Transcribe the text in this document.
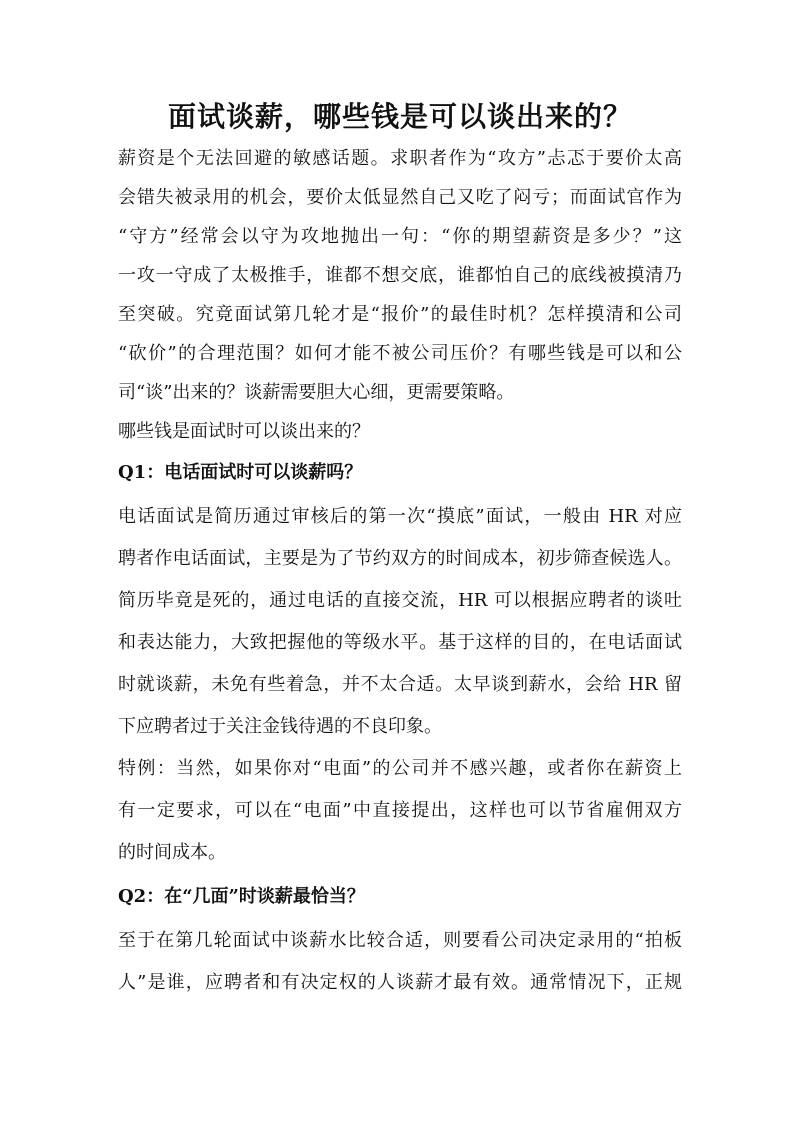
面试谈薪，哪些钱是可以谈出来的？

薪资是个无法回避的敏感话题。求职者作为“攻方”忐忑于要价太高

会错失被录用的机会，要价太低显然自己又吃了闷亏；而面试官作为

“守方”经常会以守为攻地抛出一句：“你的期望薪资是多少？”这

一攻一守成了太极推手，谁都不想交底，谁都怕自己的底线被摸清乃

至突破。究竟面试第几轮才是“报价”的最佳时机？怎样摸清和公司

“砍价”的合理范围？如何才能不被公司压价？有哪些钱是可以和公

司“谈”出来的？谈薪需要胆大心细，更需要策略。

哪些钱是面试时可以谈出来的？

Q1：电话面试时可以谈薪吗？

电话面试是简历通过审核后的第一次“摸底”面试，一般由 HR 对应

聘者作电话面试，主要是为了节约双方的时间成本，初步筛查候选人。

简历毕竟是死的，通过电话的直接交流，HR 可以根据应聘者的谈吐

和表达能力，大致把握他的等级水平。基于这样的目的，在电话面试

时就谈薪，未免有些着急，并不太合适。太早谈到薪水，会给 HR 留

下应聘者过于关注金钱待遇的不良印象。

特例：当然，如果你对“电面”的公司并不感兴趣，或者你在薪资上

有一定要求，可以在“电面”中直接提出，这样也可以节省雇佣双方

的时间成本。

Q2：在“几面”时谈薪最恰当？

至于在第几轮面试中谈薪水比较合适，则要看公司决定录用的“拍板

人”是谁，应聘者和有决定权的人谈薪才最有效。通常情况下，正规
